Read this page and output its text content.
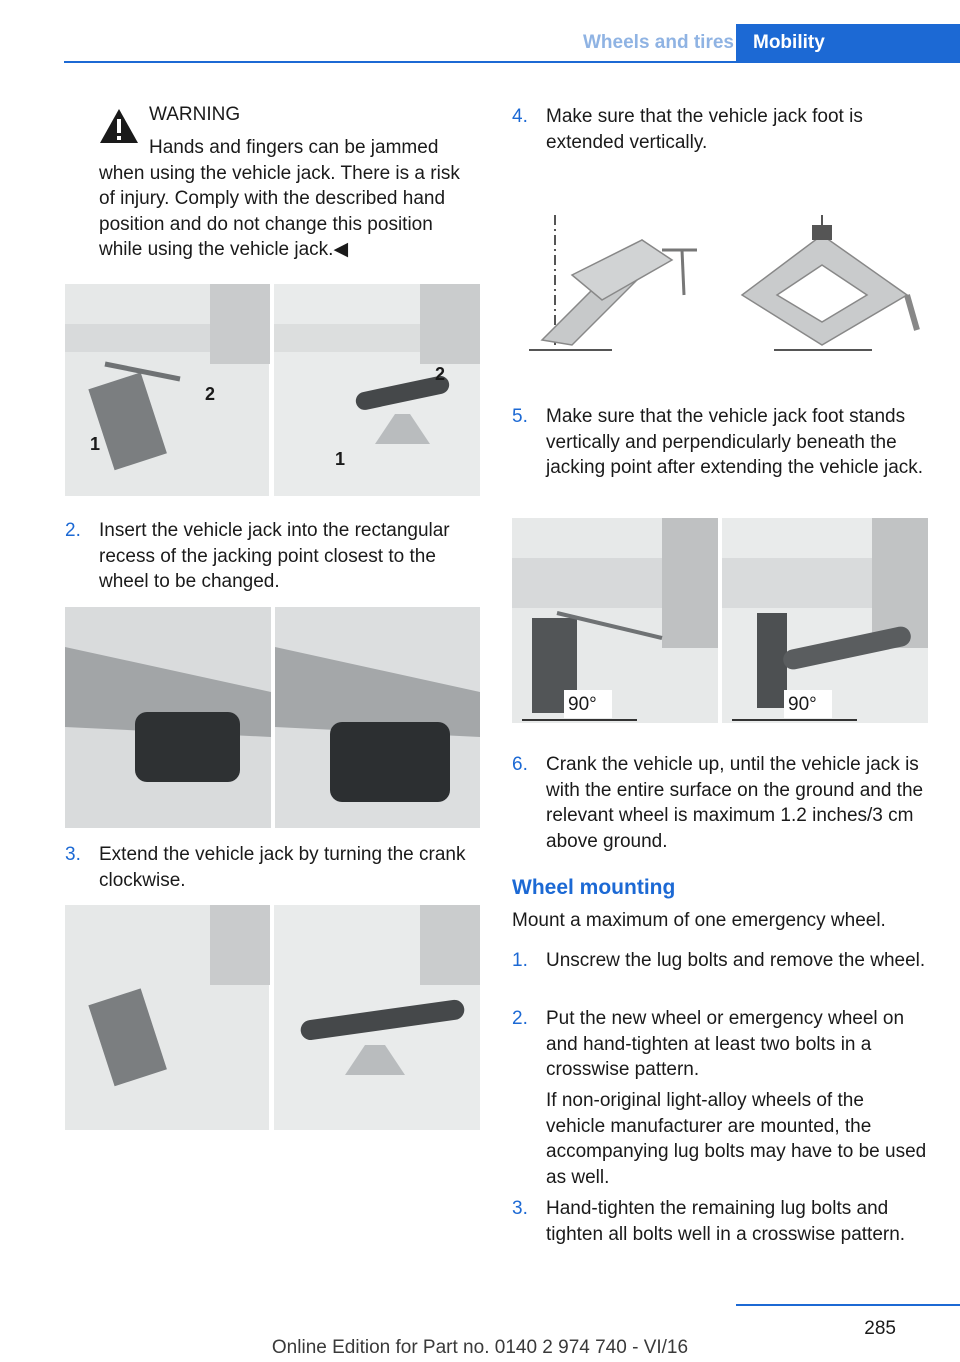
Wheels and tires	Mobility
WARNING
Hands and fingers can be jammed when using the vehicle jack. There is a risk of injury. Comply with the described hand position and do not change this position while using the vehicle jack.◀
1
2
2
1
2. Insert the vehicle jack into the rectangular recess of the jacking point closest to the wheel to be changed.
3. Extend the vehicle jack by turning the crank clockwise.
4. Make sure that the vehicle jack foot is extended vertically.
5. Make sure that the vehicle jack foot stands vertically and perpendicularly beneath the jacking point after extending the vehicle jack.
90°	90°
6. Crank the vehicle up, until the vehicle jack is with the entire surface on the ground and the relevant wheel is maximum 1.2 inches/3 cm above ground.
Wheel mounting
Mount a maximum of one emergency wheel.
1. Unscrew the lug bolts and remove the wheel.
2. Put the new wheel or emergency wheel on and hand-tighten at least two bolts in a crosswise pattern.
If non-original light-alloy wheels of the vehicle manufacturer are mounted, the accompanying lug bolts may have to be used as well.
3. Hand-tighten the remaining lug bolts and tighten all bolts well in a crosswise pattern.
285
Online Edition for Part no. 0140 2 974 740 - VI/16
